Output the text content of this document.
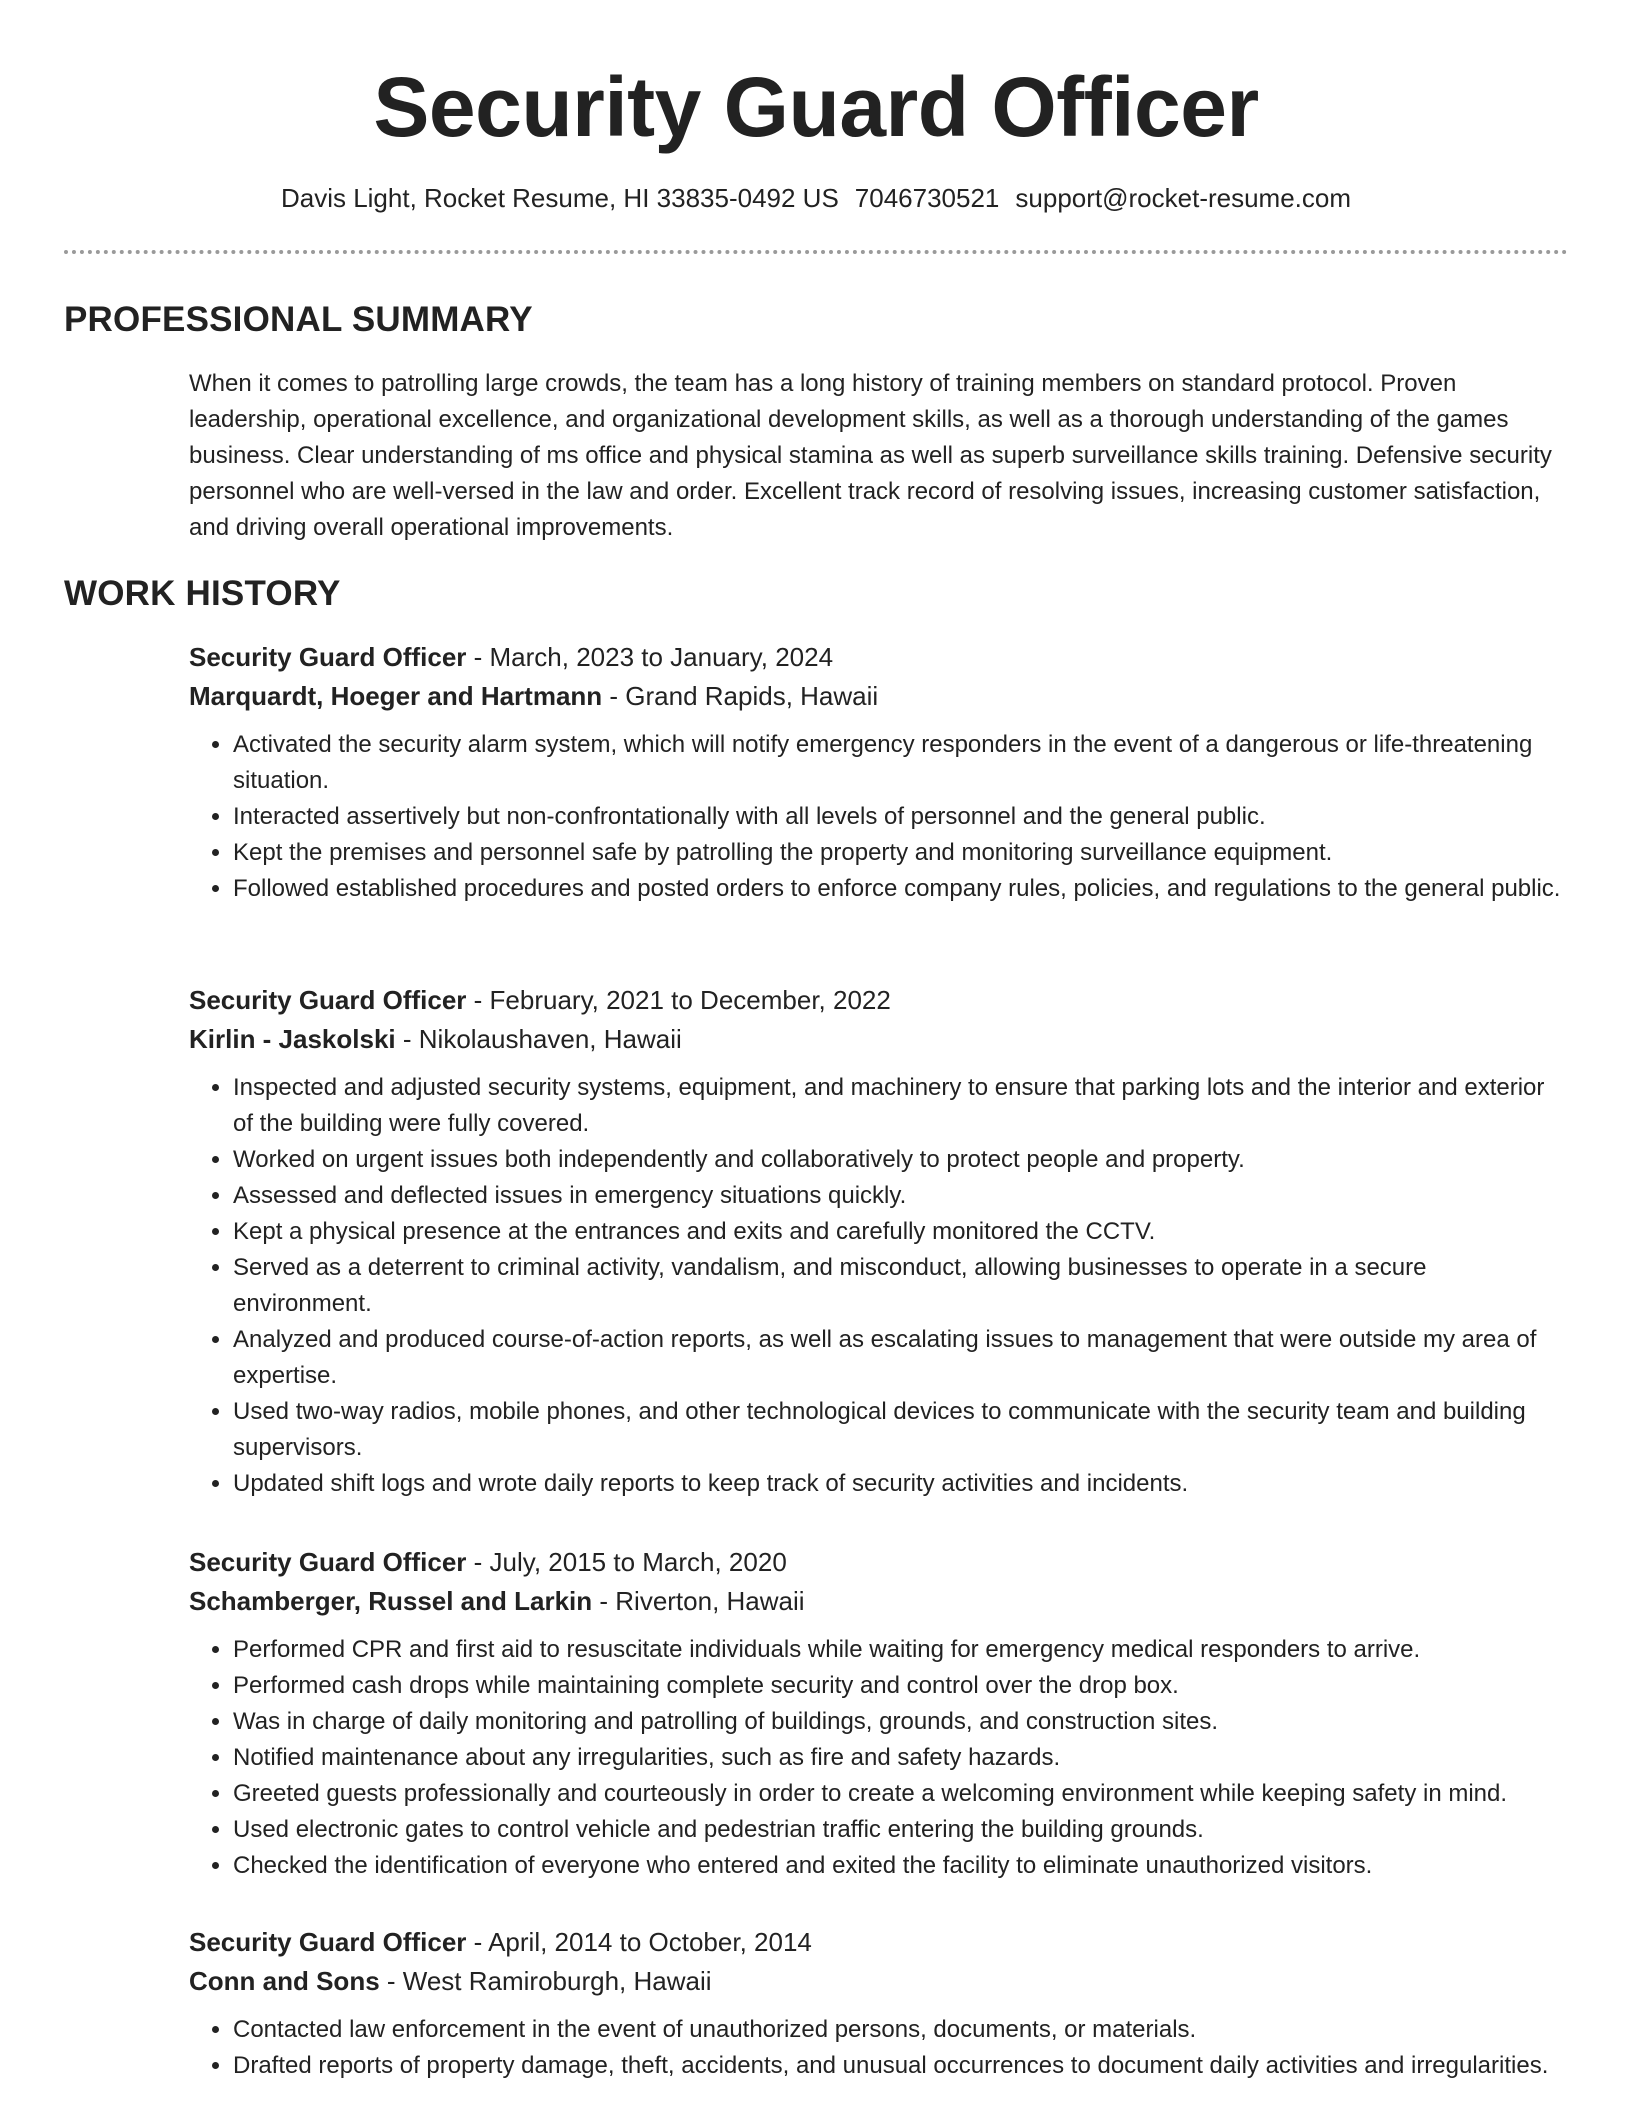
Security Guard Officer
Davis Light, Rocket Resume, HI 33835-0492 US 7046730521 support@rocket-resume.com
PROFESSIONAL SUMMARY

When it comes to patrolling large crowds, the team has a long history of training members on standard protocol. Proven leadership, operational excellence, and organizational development skills, as well as a thorough understanding of the games business. Clear understanding of ms office and physical stamina as well as superb surveillance skills training. Defensive security personnel who are well-versed in the law and order. Excellent track record of resolving issues, increasing customer satisfaction, and driving overall operational improvements.

WORK HISTORY

Security Guard Officer - March, 2023 to January, 2024

Marquardt, Hoeger and Hartmann - Grand Rapids, Hawaii

• Activated the security alarm system, which will notify emergency responders in the event of a dangerous or life-threatening situation.
• Interacted assertively but non-confrontationally with all levels of personnel and the general public.
• Kept the premises and personnel safe by patrolling the property and monitoring surveillance equipment.
• Followed established procedures and posted orders to enforce company rules, policies, and regulations to the general public.

Security Guard Officer - February, 2021 to December, 2022

Kirlin - Jaskolski - Nikolaushaven, Hawaii

• Inspected and adjusted security systems, equipment, and machinery to ensure that parking lots and the interior and exterior of the building were fully covered.
• Worked on urgent issues both independently and collaboratively to protect people and property.
• Assessed and deflected issues in emergency situations quickly.
• Kept a physical presence at the entrances and exits and carefully monitored the CCTV.
• Served as a deterrent to criminal activity, vandalism, and misconduct, allowing businesses to operate in a secure environment.
• Analyzed and produced course-of-action reports, as well as escalating issues to management that were outside my area of expertise.
• Used two-way radios, mobile phones, and other technological devices to communicate with the security team and building supervisors.
• Updated shift logs and wrote daily reports to keep track of security activities and incidents.

Security Guard Officer - July, 2015 to March, 2020

Schamberger, Russel and Larkin - Riverton, Hawaii

• Performed CPR and first aid to resuscitate individuals while waiting for emergency medical responders to arrive.
• Performed cash drops while maintaining complete security and control over the drop box.
• Was in charge of daily monitoring and patrolling of buildings, grounds, and construction sites.
• Notified maintenance about any irregularities, such as fire and safety hazards.
• Greeted guests professionally and courteously in order to create a welcoming environment while keeping safety in mind.
• Used electronic gates to control vehicle and pedestrian traffic entering the building grounds.
• Checked the identification of everyone who entered and exited the facility to eliminate unauthorized visitors.

Security Guard Officer - April, 2014 to October, 2014

Conn and Sons - West Ramiroburgh, Hawaii

• Contacted law enforcement in the event of unauthorized persons, documents, or materials.
• Drafted reports of property damage, theft, accidents, and unusual occurrences to document daily activities and irregularities.
